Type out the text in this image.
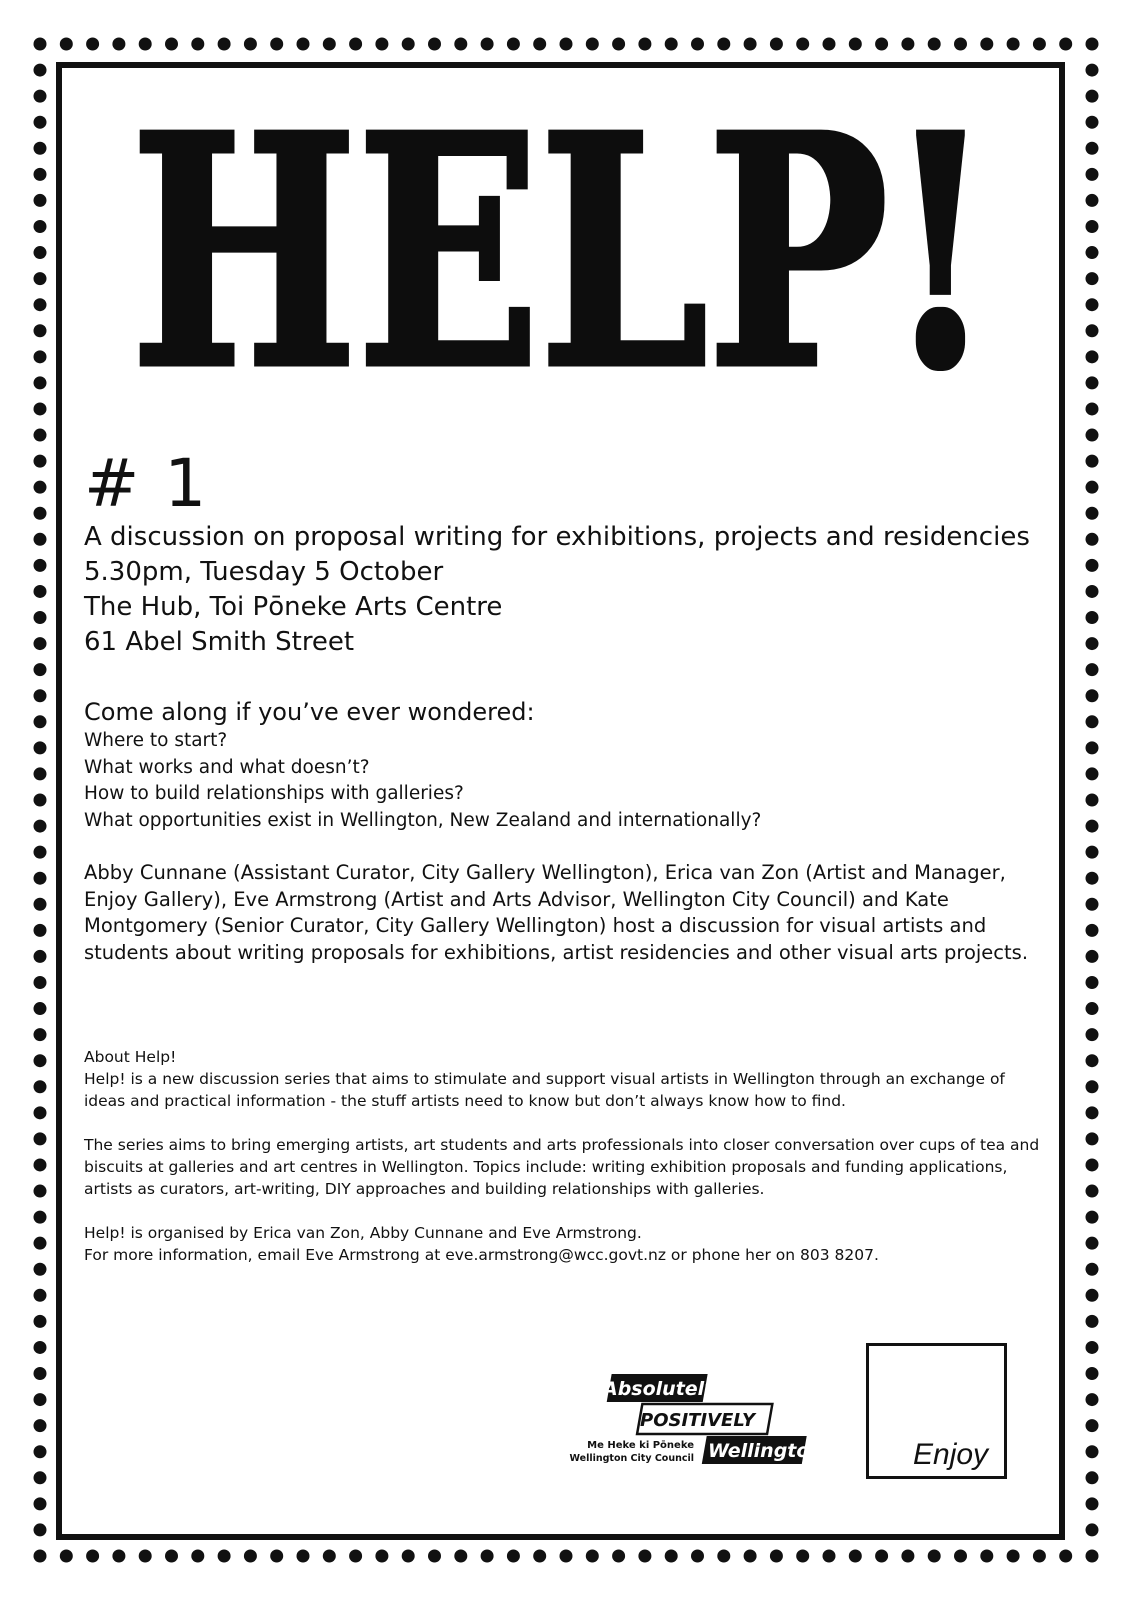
HELP!
# 1
A discussion on proposal writing for exhibitions, projects and residencies
5.30pm, Tuesday 5 October
The Hub, Toi Pōneke Arts Centre
61 Abel Smith Street
Come along if you’ve ever wondered:
Where to start?
What works and what doesn’t?
How to build relationships with galleries?
What opportunities exist in Wellington, New Zealand and internationally?

Abby Cunnane (Assistant Curator, City Gallery Wellington), Erica van Zon (Artist and Manager, Enjoy Gallery), Eve Armstrong (Artist and Arts Advisor, Wellington City Council) and Kate Montgomery (Senior Curator, City Gallery Wellington) host a discussion for visual artists and students about writing proposals for exhibitions, artist residencies and other visual arts projects.

About Help!
Help! is a new discussion series that aims to stimulate and support visual artists in Wellington through an exchange of ideas and practical information - the stuff artists need to know but don’t always know how to find.

The series aims to bring emerging artists, art students and arts professionals into closer conversation over cups of tea and biscuits at galleries and art centres in Wellington. Topics include: writing exhibition proposals and funding applications, artists as curators, art-writing, DIY approaches and building relationships with galleries.

Help! is organised by Erica van Zon, Abby Cunnane and Eve Armstrong.
For more information, email Eve Armstrong at eve.armstrong@wcc.govt.nz or phone her on 803 8207.

Absolutely
POSITIVELY
Wellington
Me Heke ki Pōneke
Wellington City Council	Enjoy
